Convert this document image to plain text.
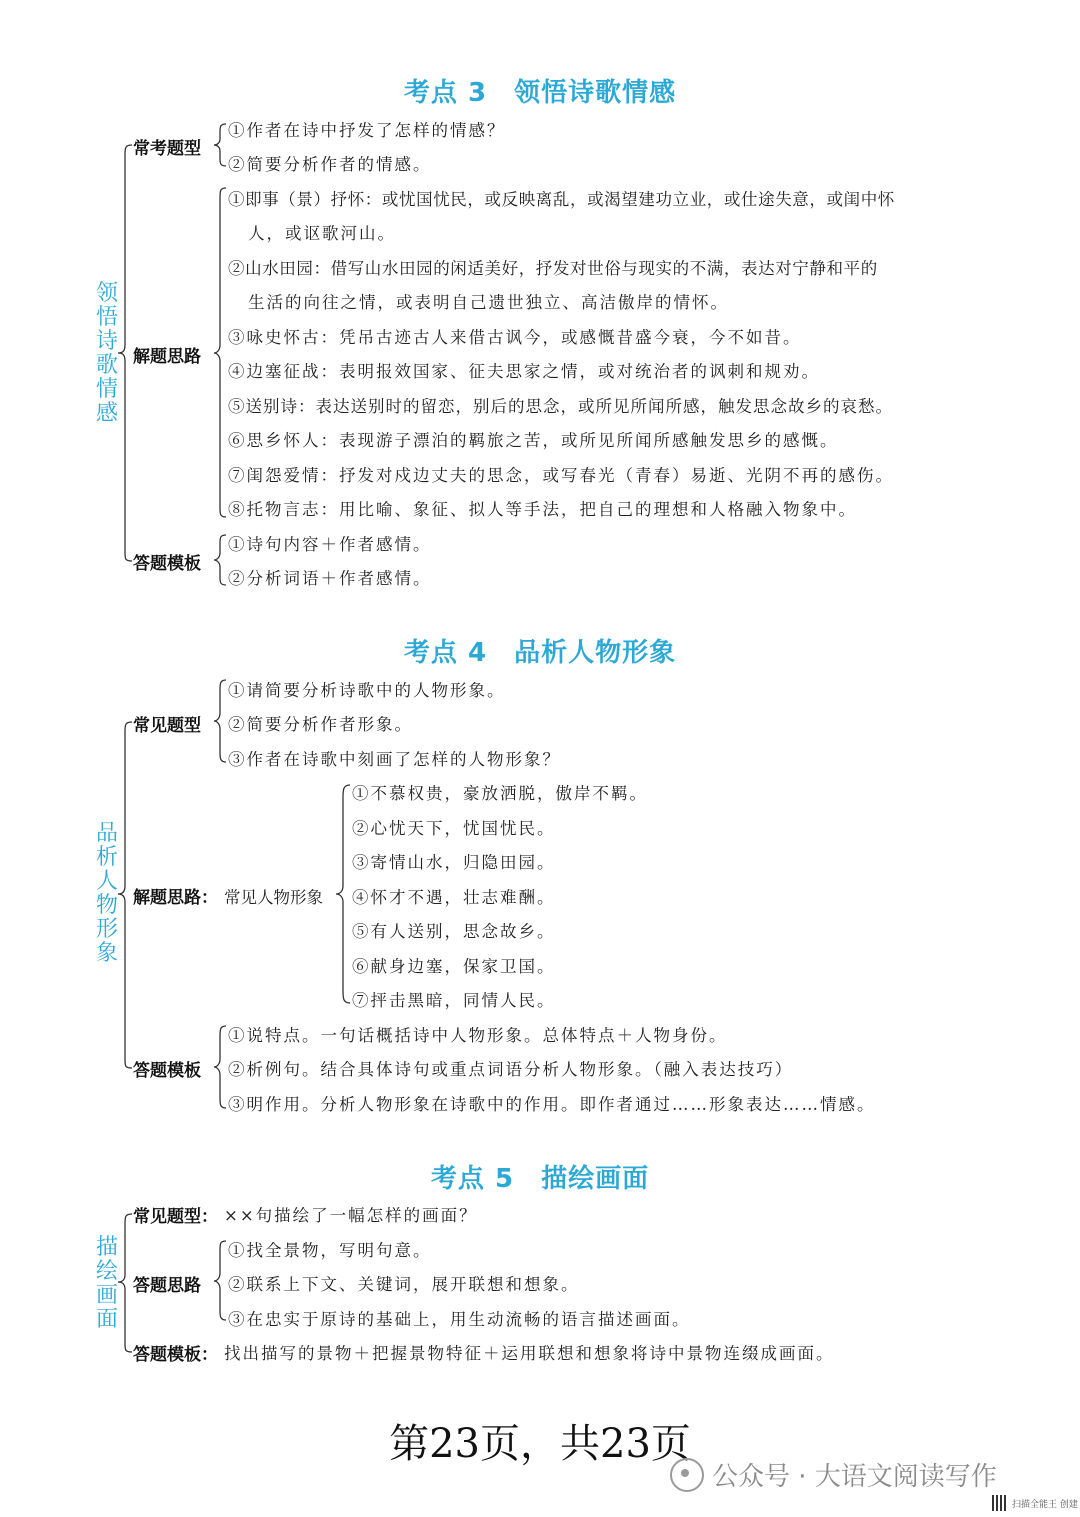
考点 3　领悟诗歌情感
领悟诗歌情感
常考题型
解题思路
答题模板
①作者在诗中抒发了怎样的情感？
②简要分析作者的情感。
①即事（景）抒怀：或忧国忧民，或反映离乱，或渴望建功立业，或仕途失意，或闺中怀
人，或讴歌河山。
②山水田园：借写山水田园的闲适美好，抒发对世俗与现实的不满，表达对宁静和平的
生活的向往之情，或表明自己遗世独立、高洁傲岸的情怀。
③咏史怀古：凭吊古迹古人来借古讽今，或感慨昔盛今衰，今不如昔。
④边塞征战：表明报效国家、征夫思家之情，或对统治者的讽刺和规劝。
⑤送别诗：表达送别时的留恋，别后的思念，或所见所闻所感，触发思念故乡的哀愁。
⑥思乡怀人：表现游子漂泊的羁旅之苦，或所见所闻所感触发思乡的感慨。
⑦闺怨爱情：抒发对戍边丈夫的思念，或写春光（青春）易逝、光阴不再的感伤。
⑧托物言志：用比喻、象征、拟人等手法，把自己的理想和人格融入物象中。
①诗句内容＋作者感情。
②分析词语＋作者感情。
考点 4　品析人物形象
品析人物形象
常见题型
解题思路： 常见人物形象
答题模板
①请简要分析诗歌中的人物形象。
②简要分析作者形象。
③作者在诗歌中刻画了怎样的人物形象？
①不慕权贵，豪放洒脱，傲岸不羁。
②心忧天下，忧国忧民。
③寄情山水，归隐田园。
④怀才不遇，壮志难酬。
⑤有人送别，思念故乡。
⑥献身边塞，保家卫国。
⑦抨击黑暗，同情人民。
①说特点。一句话概括诗中人物形象。总体特点＋人物身份。
②析例句。结合具体诗句或重点词语分析人物形象。（融入表达技巧）
③明作用。分析人物形象在诗歌中的作用。即作者通过……形象表达……情感。
考点 5　描绘画面
描绘画面
常见题型： ××句描绘了一幅怎样的画面？
答题思路
①找全景物，写明句意。
②联系上下文、关键词，展开联想和想象。
③在忠实于原诗的基础上，用生动流畅的语言描述画面。
答题模板： 找出描写的景物＋把握景物特征＋运用联想和想象将诗中景物连缀成画面。
第23页，共23页
公众号 · 大语文阅读写作
扫描全能王 创建
